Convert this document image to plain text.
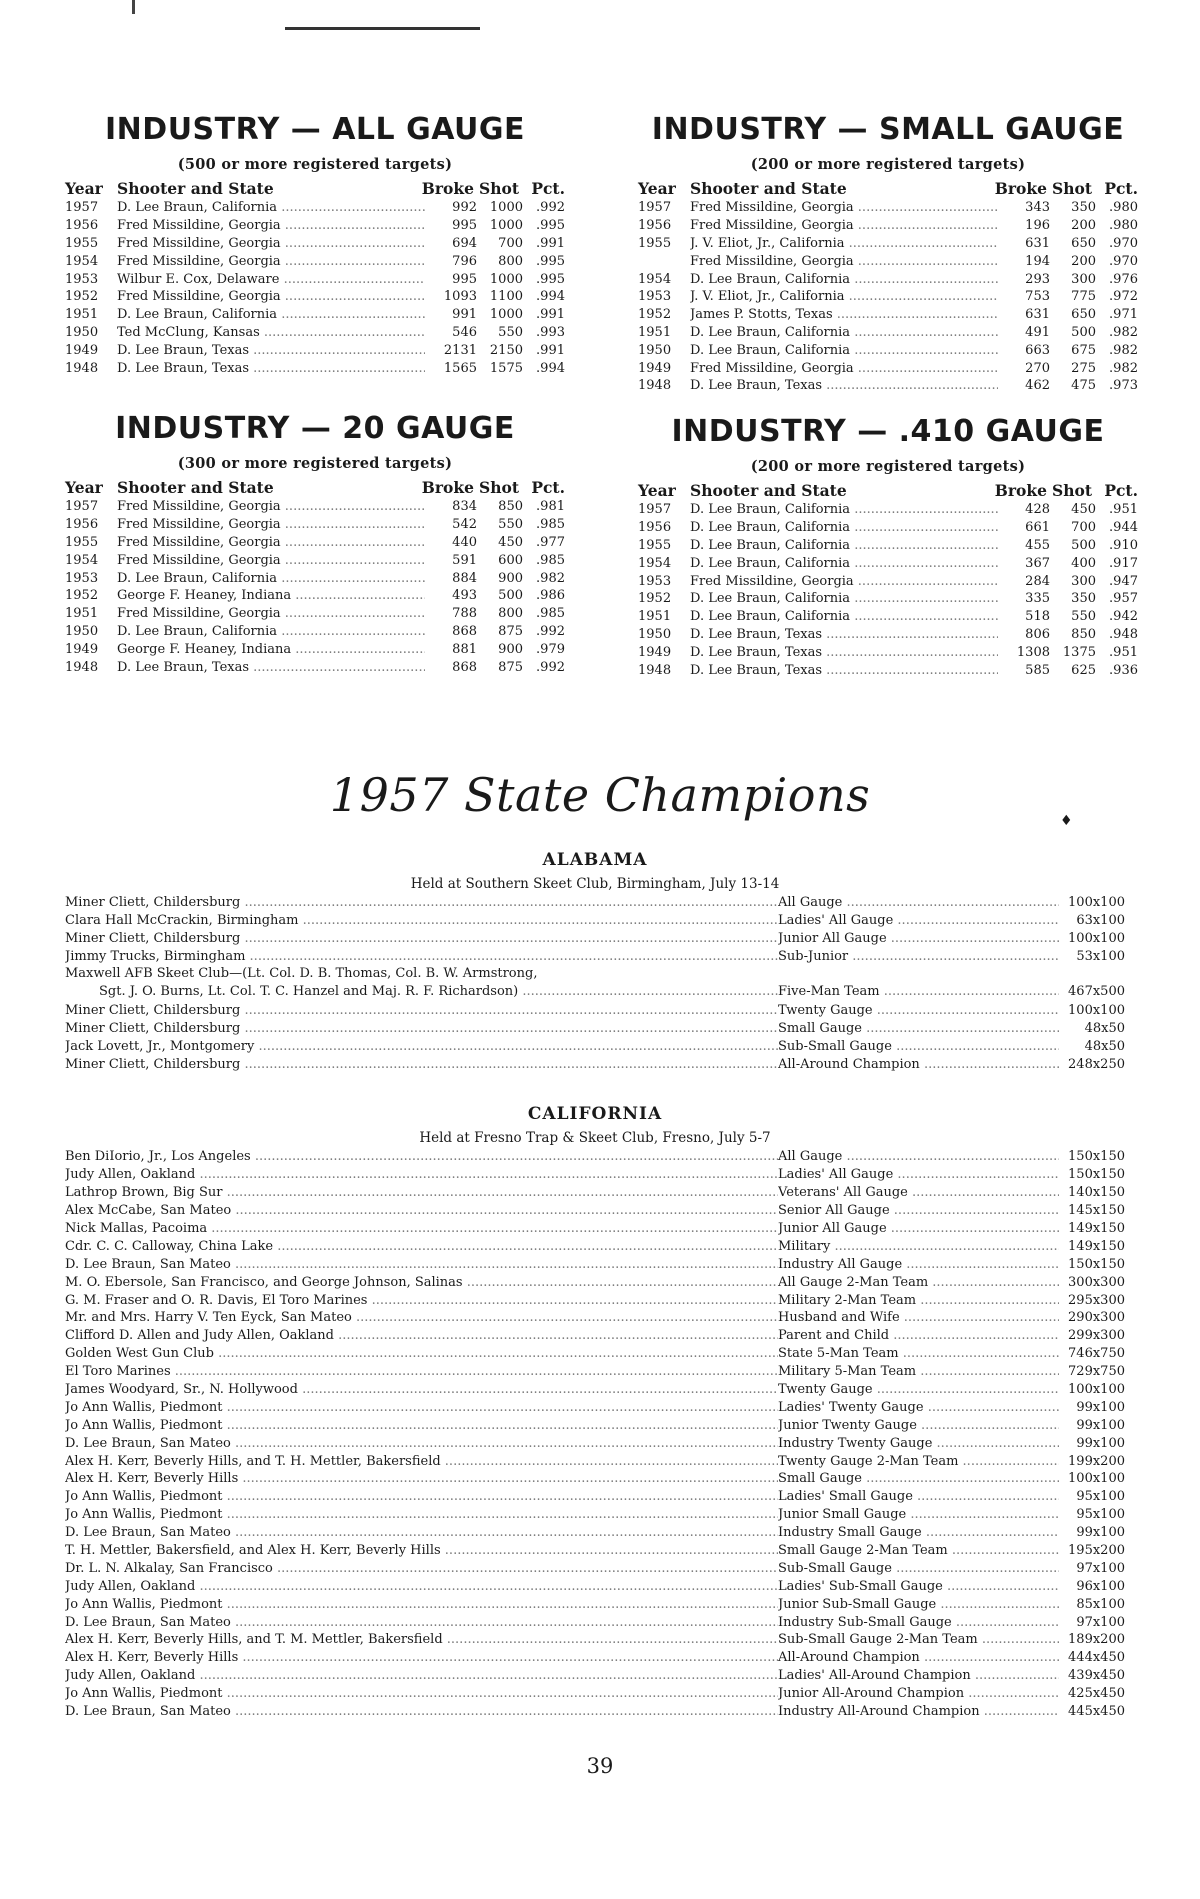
INDUSTRY — ALL GAUGE
(500 or more registered targets)
Year Shooter and State	Broke Shot Pct.
1957	D. Lee Braun, California .....	992 1000	.992
1956	Fred Missildine, Georgia .....	995 1000	.995
1955	Fred Missildine, Georgia .....	694	700	.991
1954	Fred Missildine, Georgia .....	796	800	.995
1953	Wilbur E. Cox, Delaware .....	995 1000	.995
1952	Fred Missildine, Georgia .....	1093 1100	.994
1951	D. Lee Braun, California .....	991 1000	.991
1950	Ted McClung, Kansas .....	546	550	.993
1949	D. Lee Braun, Texas .....	2131 2150	.991
1948	D. Lee Braun, Texas .....	1565 1575	.994
INDUSTRY — SMALL GAUGE
(200 or more registered targets)
Year Shooter and State	Broke Shot Pct.
1957	Fred Missildine, Georgia .....	343	350	.980
1956	Fred Missildine, Georgia .....	196	200	.980
1955	J. V. Eliot, Jr., California .....	631	650	.970
Fred Missildine, Georgia .....	194	200	.970
1954	D. Lee Braun, California .....	293	300	.976
1953	J. V. Eliot, Jr., California .....	753	775	.972
1952	James P. Stotts, Texas .....	631	650	.971
1951	D. Lee Braun, California .....	491	500	.982
1950	D. Lee Braun, California .....	663	675	.982
1949	Fred Missildine, Georgia .....	270	275	.982
1948	D. Lee Braun, Texas .....	462	475	.973
INDUSTRY — 20 GAUGE
(300 or more registered targets)
Year Shooter and State	Broke Shot Pct.
1957	Fred Missildine, Georgia .....	834	850	.981
1956	Fred Missildine, Georgia .....	542	550	.985
1955	Fred Missildine, Georgia .....	440	450	.977
1954	Fred Missildine, Georgia .....	591	600	.985
1953	D. Lee Braun, California .....	884	900	.982
1952	George F. Heaney, Indiana .....	493	500	.986
1951	Fred Missildine, Georgia .....	788	800	.985
1950	D. Lee Braun, California .....	868	875	.992
1949	George F. Heaney, Indiana .....	881	900	.979
1948	D. Lee Braun, Texas .....	868	875	.992
INDUSTRY — .410 GAUGE
(200 or more registered targets)
Year Shooter and State	Broke Shot Pct.
1957	D. Lee Braun, California .....	428	450	.951
1956	D. Lee Braun, California .....	661	700	.944
1955	D. Lee Braun, California .....	455	500	.910
1954	D. Lee Braun, California .....	367	400	.917
1953	Fred Missildine, Georgia .....	284	300	.947
1952	D. Lee Braun, California .....	335	350	.957
1951	D. Lee Braun, California .....	518	550	.942
1950	D. Lee Braun, Texas .....	806	850	.948
1949	D. Lee Braun, Texas .....	1308 1375	.951
1948	D. Lee Braun, Texas .....	585	625	.936
1957 State Champions	♦
ALABAMA
Held at Southern Skeet Club, Birmingham, July 13-14
Miner Cliett, Childersburg .....	All Gauge .....	100x100
Clara Hall McCrackin, Birmingham .....	Ladies' All Gauge .....	63x100
Miner Cliett, Childersburg .....	Junior All Gauge .....	100x100
Jimmy Trucks, Birmingham .....	Sub-Junior .....	53x100
Maxwell AFB Skeet Club—(Lt. Col. D. B. Thomas, Col. B. W. Armstrong,
Sgt. J. O. Burns, Lt. Col. T. C. Hanzel and Maj. R. F. Richardson) .....	Five-Man Team .....	467x500
Miner Cliett, Childersburg .....	Twenty Gauge .....	100x100
Miner Cliett, Childersburg .....	Small Gauge .....	48x50
Jack Lovett, Jr., Montgomery .....	Sub-Small Gauge .....	48x50
Miner Cliett, Childersburg .....	All-Around Champion .....	248x250
CALIFORNIA
Held at Fresno Trap & Skeet Club, Fresno, July 5-7
Ben DiIorio, Jr., Los Angeles .....	All Gauge .....	150x150
Judy Allen, Oakland .....	Ladies' All Gauge .....	150x150
Lathrop Brown, Big Sur .....	Veterans' All Gauge .....	140x150
Alex McCabe, San Mateo .....	Senior All Gauge .....	145x150
Nick Mallas, Pacoima .....	Junior All Gauge .....	149x150
Cdr. C. C. Calloway, China Lake .....	Military .....	149x150
D. Lee Braun, San Mateo .....	Industry All Gauge .....	150x150
M. O. Ebersole, San Francisco, and George Johnson, Salinas .....	All Gauge 2-Man Team .....	300x300
G. M. Fraser and O. R. Davis, El Toro Marines .....	Military 2-Man Team .....	295x300
Mr. and Mrs. Harry V. Ten Eyck, San Mateo .....	Husband and Wife .....	290x300
Clifford D. Allen and Judy Allen, Oakland .....	Parent and Child .....	299x300
Golden West Gun Club .....	State 5-Man Team .....	746x750
El Toro Marines .....	Military 5-Man Team .....	729x750
James Woodyard, Sr., N. Hollywood .....	Twenty Gauge .....	100x100
Jo Ann Wallis, Piedmont .....	Ladies' Twenty Gauge .....	99x100
Jo Ann Wallis, Piedmont .....	Junior Twenty Gauge .....	99x100
D. Lee Braun, San Mateo .....	Industry Twenty Gauge .....	99x100
Alex H. Kerr, Beverly Hills, and T. H. Mettler, Bakersfield .....	Twenty Gauge 2-Man Team .....	199x200
Alex H. Kerr, Beverly Hills .....	Small Gauge .....	100x100
Jo Ann Wallis, Piedmont .....	Ladies' Small Gauge .....	95x100
Jo Ann Wallis, Piedmont .....	Junior Small Gauge .....	95x100
D. Lee Braun, San Mateo .....	Industry Small Gauge .....	99x100
T. H. Mettler, Bakersfield, and Alex H. Kerr, Beverly Hills .....	Small Gauge 2-Man Team .....	195x200
Dr. L. N. Alkalay, San Francisco .....	Sub-Small Gauge .....	97x100
Judy Allen, Oakland .....	Ladies' Sub-Small Gauge .....	96x100
Jo Ann Wallis, Piedmont .....	Junior Sub-Small Gauge .....	85x100
D. Lee Braun, San Mateo .....	Industry Sub-Small Gauge .....	97x100
Alex H. Kerr, Beverly Hills, and T. M. Mettler, Bakersfield .....	Sub-Small Gauge 2-Man Team .....	189x200
Alex H. Kerr, Beverly Hills .....	All-Around Champion .....	444x450
Judy Allen, Oakland .....	Ladies' All-Around Champion .....	439x450
Jo Ann Wallis, Piedmont .....	Junior All-Around Champion .....	425x450
D. Lee Braun, San Mateo .....	Industry All-Around Champion .....	445x450
39
